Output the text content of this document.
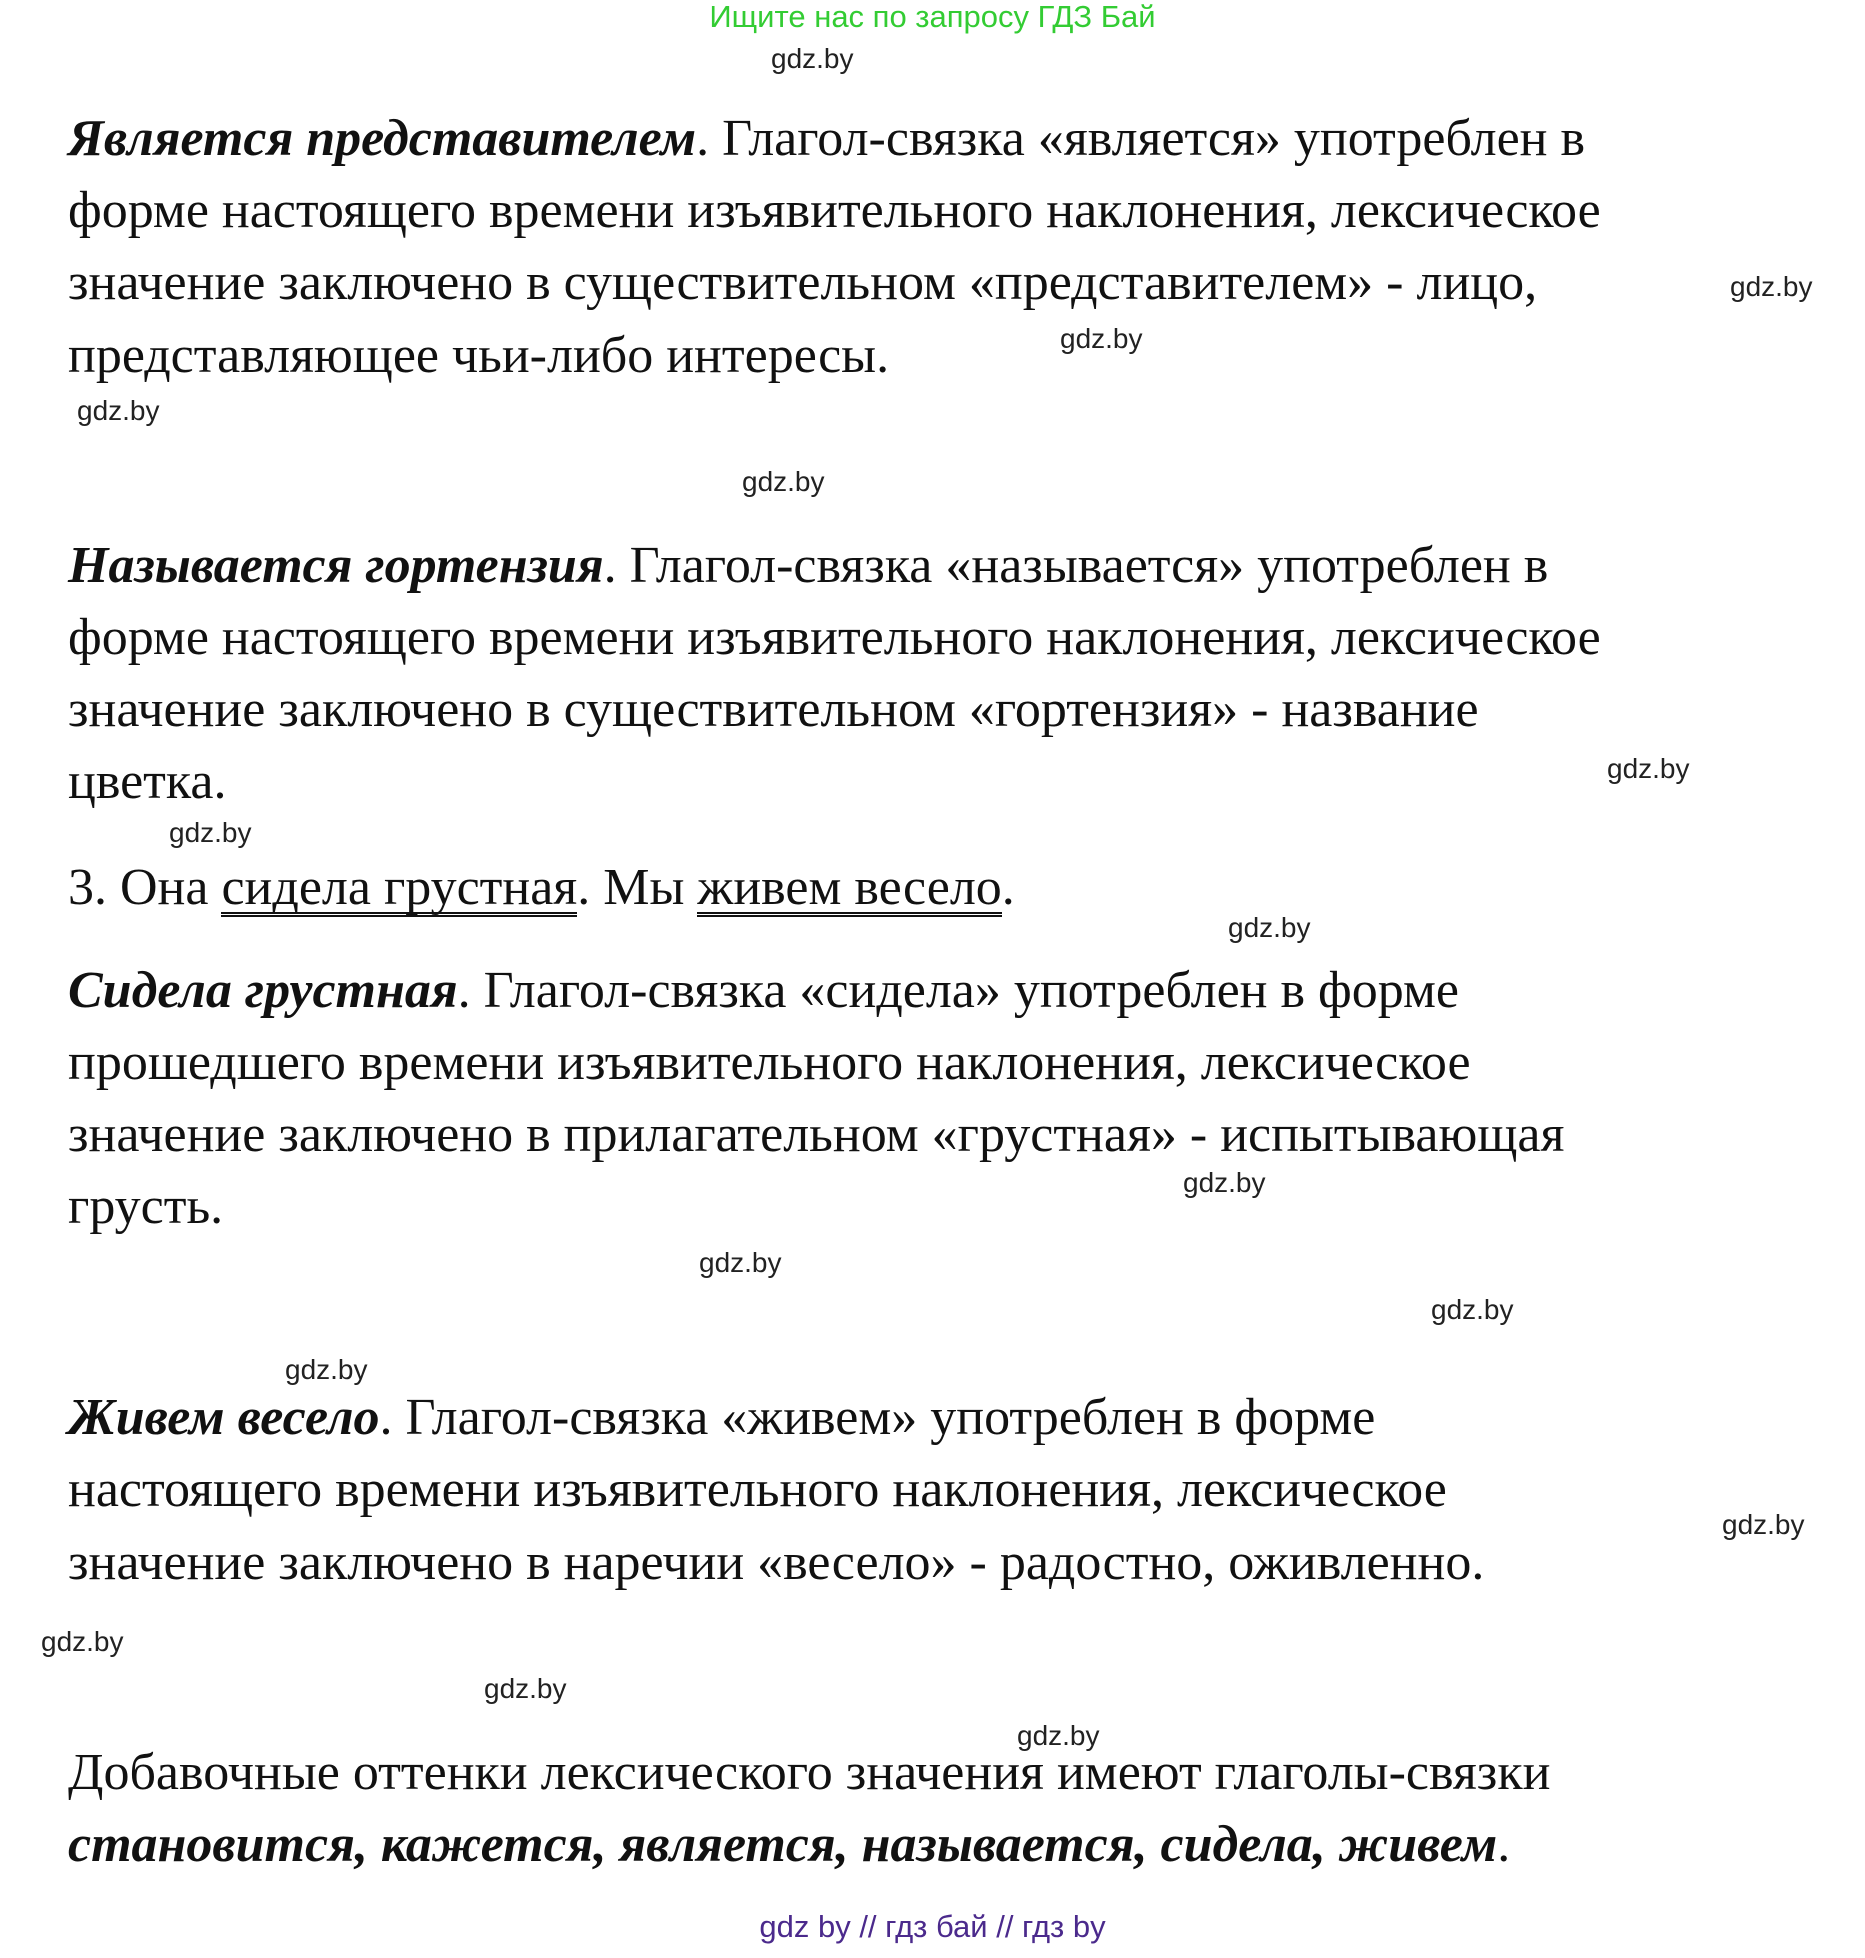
Ищите нас по запросу ГДЗ Бай
Является представителем. Глагол-связка «является» употреблен в
форме настоящего времени изъявительного наклонения, лексическое
значение заключено в существительном «представителем» - лицо,
представляющее чьи-либо интересы.
Называется гортензия. Глагол-связка «называется» употреблен в
форме настоящего времени изъявительного наклонения, лексическое
значение заключено в существительном «гортензия» - название
цветка.
3. Она сидела грустная. Мы живем весело.
Сидела грустная. Глагол-связка «сидела» употреблен в форме
прошедшего времени изъявительного наклонения, лексическое
значение заключено в прилагательном «грустная» - испытывающая
грусть.
Живем весело. Глагол-связка «живем» употреблен в форме
настоящего времени изъявительного наклонения, лексическое
значение заключено в наречии «весело» - радостно, оживленно.
Добавочные оттенки лексического значения имеют глаголы-связки
становится, кажется, является, называется, сидела, живем.
gdz.by
gdz.by
gdz.by
gdz.by
gdz.by
gdz.by
gdz.by
gdz.by
gdz.by
gdz.by
gdz.by
gdz.by
gdz.by
gdz.by
gdz.by
gdz.by
gdz by // гдз бай // гдз by
